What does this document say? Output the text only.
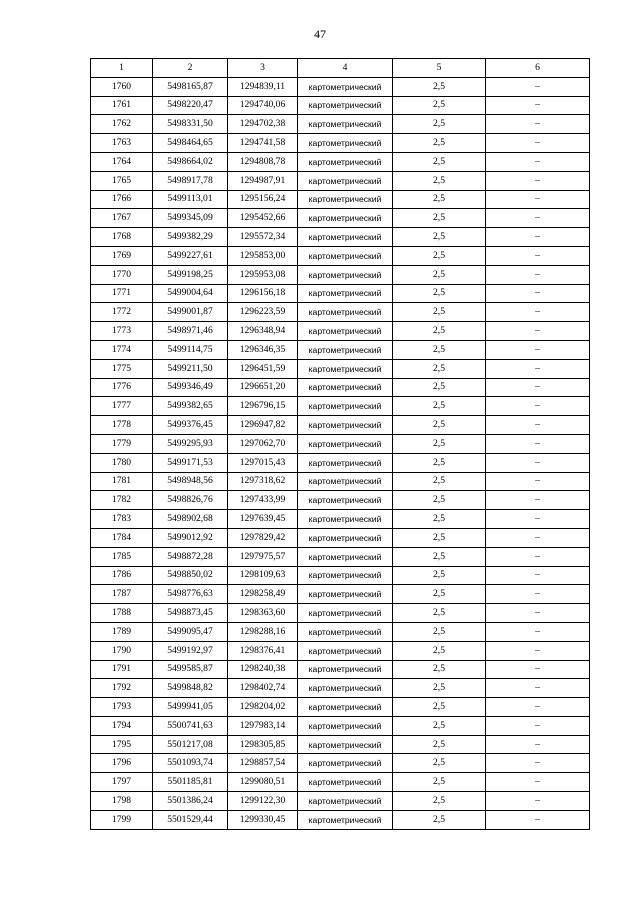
47
1	2	3	4	5	6
1760	5498165,87	1294839,11	картометрический	2,5	–
1761	5498220,47	1294740,06	картометрический	2,5	–
1762	5498331,50	1294702,38	картометрический	2,5	–
1763	5498464,65	1294741,58	картометрический	2,5	–
1764	5498664,02	1294808,78	картометрический	2,5	–
1765	5498917,78	1294987,91	картометрический	2,5	–
1766	5499113,01	1295156,24	картометрический	2,5	–
1767	5499345,09	1295452,66	картометрический	2,5	–
1768	5499382,29	1295572,34	картометрический	2,5	–
1769	5499227,61	1295853,00	картометрический	2,5	–
1770	5499198,25	1295953,08	картометрический	2,5	–
1771	5499004,64	1296156,18	картометрический	2,5	–
1772	5499001,87	1296223,59	картометрический	2,5	–
1773	5498971,46	1296348,94	картометрический	2,5	–
1774	5499114,75	1296346,35	картометрический	2,5	–
1775	5499211,50	1296451,59	картометрический	2,5	–
1776	5499346,49	1296651,20	картометрический	2,5	–
1777	5499382,65	1296796,15	картометрический	2,5	–
1778	5499376,45	1296947,82	картометрический	2,5	–
1779	5499295,93	1297062,70	картометрический	2,5	–
1780	5499171,53	1297015,43	картометрический	2,5	–
1781	5498948,56	1297318,62	картометрический	2,5	–
1782	5498826,76	1297433,99	картометрический	2,5	–
1783	5498902,68	1297639,45	картометрический	2,5	–
1784	5499012,92	1297829,42	картометрический	2,5	–
1785	5498872,28	1297975,57	картометрический	2,5	–
1786	5498850,02	1298109,63	картометрический	2,5	–
1787	5498776,63	1298258,49	картометрический	2,5	–
1788	5498873,45	1298363,60	картометрический	2,5	–
1789	5499095,47	1298288,16	картометрический	2,5	–
1790	5499192,97	1298376,41	картометрический	2,5	–
1791	5499585,87	1298240,38	картометрический	2,5	–
1792	5499848,82	1298402,74	картометрический	2,5	–
1793	5499941,05	1298204,02	картометрический	2,5	–
1794	5500741,63	1297983,14	картометрический	2,5	–
1795	5501217,08	1298305,85	картометрический	2,5	–
1796	5501093,74	1298857,54	картометрический	2,5	–
1797	5501185,81	1299080,51	картометрический	2,5	–
1798	5501386,24	1299122,30	картометрический	2,5	–
1799	5501529,44	1299330,45	картометрический	2,5	–
